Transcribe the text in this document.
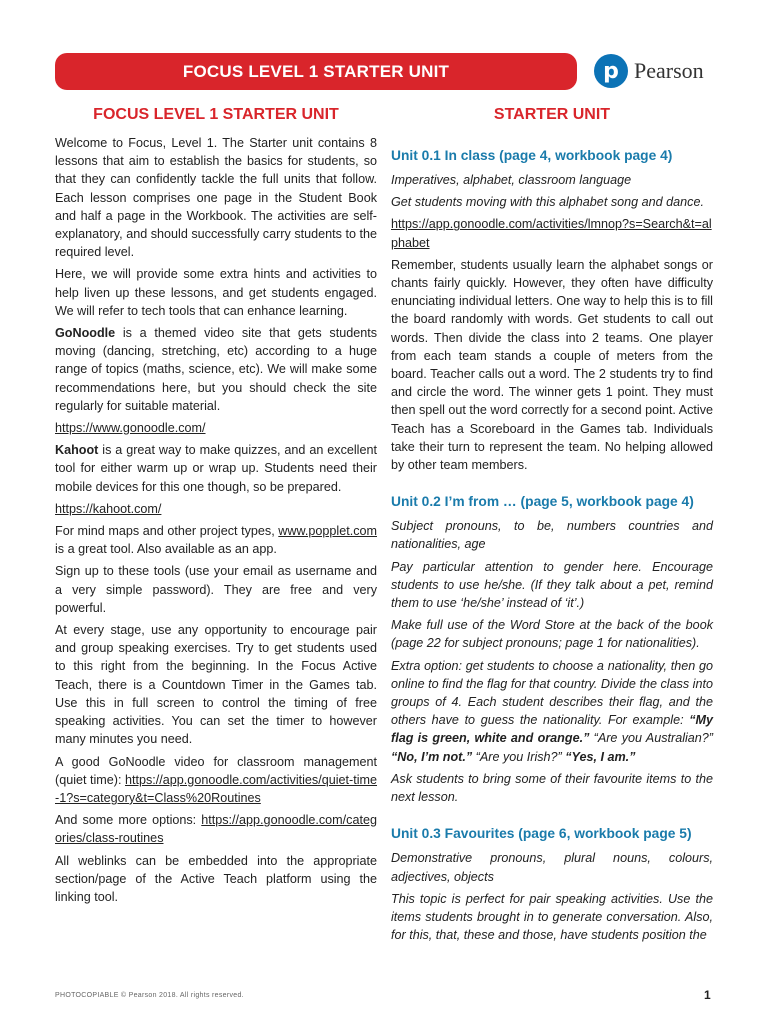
FOCUS LEVEL 1 STARTER UNIT	p Pearson
FOCUS LEVEL 1 STARTER UNIT

Welcome to Focus, Level 1. The Starter unit contains 8 lessons that aim to establish the basics for students, so that they can confidently tackle the full units that follow. Each lesson comprises one page in the Student Book and half a page in the Workbook. The activities are self-explanatory, and should successfully carry students to the required level.

Here, we will provide some extra hints and activities to help liven up these lessons, and get students engaged. We will refer to tech tools that can enhance learning.

GoNoodle is a themed video site that gets students moving (dancing, stretching, etc) according to a huge range of topics (maths, science, etc). We will make some recommendations here, but you should check the site regularly for suitable material.

https://www.gonoodle.com/

Kahoot is a great way to make quizzes, and an excellent tool for either warm up or wrap up. Students need their mobile devices for this one though, so be prepared.

https://kahoot.com/

For mind maps and other project types, www.popplet.com is a great tool. Also available as an app.

Sign up to these tools (use your email as username and a very simple password). They are free and very powerful.

At every stage, use any opportunity to encourage pair and group speaking exercises. Try to get students used to this right from the beginning. In the Focus Active Teach, there is a Countdown Timer in the Games tab. Use this in full screen to control the timing of free speaking activities. You can set the timer to however many minutes you need.

A good GoNoodle video for classroom management (quiet time): https://app.gonoodle.com/activities/quiet-time-1?s=category&t=Class%20Routines

And some more options: https://app.gonoodle.com/categories/class-routines

All weblinks can be embedded into the appropriate section/page of the Active Teach platform using the linking tool.

STARTER UNIT
Unit 0.1 In class (page 4, workbook page 4)

Imperatives, alphabet, classroom language

Get students moving with this alphabet song and dance.

https://app.gonoodle.com/activities/lmnop?s=Search&t=alphabet

Remember, students usually learn the alphabet songs or chants fairly quickly. However, they often have difficulty enunciating individual letters. One way to help this is to fill the board randomly with words. Get students to call out words. Then divide the class into 2 teams. One player from each team stands a couple of meters from the board. Teacher calls out a word. The 2 students try to find and circle the word. The winner gets 1 point. They must then spell out the word correctly for a second point. Active Teach has a Scoreboard in the Games tab. Individuals take their turn to represent the team. No helping allowed by other team members.

Unit 0.2 I’m from … (page 5, workbook page 4)

Subject pronouns, to be, numbers countries and nationalities, age

Pay particular attention to gender here. Encourage students to use he/she. (If they talk about a pet, remind them to use ‘he/she’ instead of ‘it’.)

Make full use of the Word Store at the back of the book (page 22 for subject pronouns; page 1 for nationalities).

Extra option: get students to choose a nationality, then go online to find the flag for that country. Divide the class into groups of 4. Each student describes their flag, and the others have to guess the nationality. For example: “My flag is green, white and orange.” “Are you Australian?” “No, I’m not.” “Are you Irish?” “Yes, I am.”

Ask students to bring some of their favourite items to the next lesson.

Unit 0.3 Favourites (page 6, workbook page 5)

Demonstrative pronouns, plural nouns, colours, adjectives, objects

This topic is perfect for pair speaking activities. Use the items students brought in to generate conversation. Also, for this, that, these and those, have students position the

PHOTOCOPIABLE © Pearson 2018. All rights reserved.	1
